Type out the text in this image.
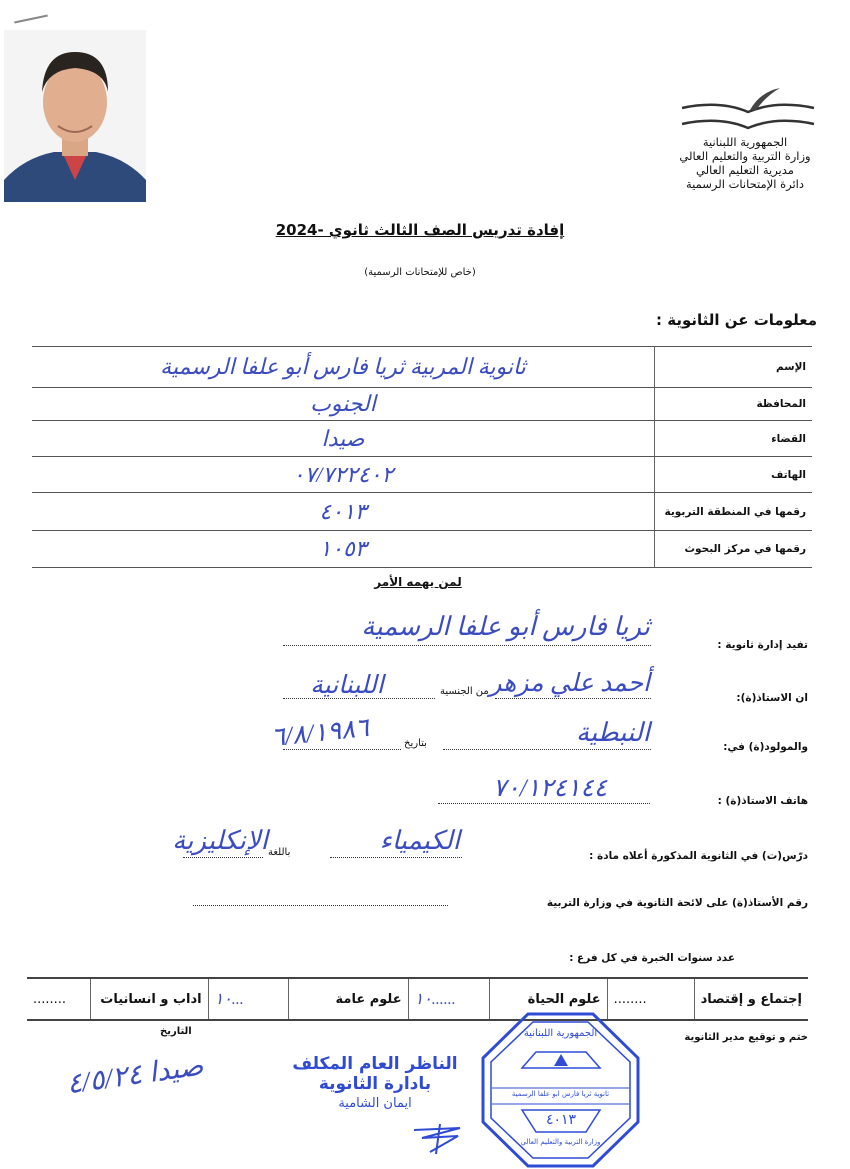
الجمهورية اللبنانية
وزارة التربية والتعليم العالي
مديرية التعليم العالي
دائرة الإمتحانات الرسمية
إفادة تدريس الصف الثالث ثانوي -2024
(خاص للإمتحانات الرسمية)
معلومات عن الثانوية :
الإسم	ثانوية المربية ثريا فارس أبو علفا الرسمية
المحافظة	الجنوب
القضاء	صيدا
الهاتف	٠٧/٧٢٢٤٠٢
رقمها في المنطقة التربوية	٤٠١٣
رقمها في مركز البحوث	١٠٥٣
لمن يهمه الأمر
تفيد إدارة ثانوية :
ثريا فارس أبو علفا الرسمية
ان الاستاذ(ة):
أحمد علي مزهر
من الجنسية
اللبنانية
والمولود(ة) في:
النبطية
بتاريخ
٦/٨/١٩٨٦
هاتف الاستاذ(ة) :
٧٠/١٢٤١٤٤
درّس(ت) في الثانوية المذكورة أعلاه مادة :
الكيمياء
باللغة
الإنكليزية
رقم الأستاذ(ة) على لائحة الثانوية في وزارة التربية
عدد سنوات الخبرة في كل فرع :
إجتماع و إقتصاد	........	علوم الحياة	......١٠	علوم عامة	...١٠	اداب و انسانيات	........
ختم و توقيع مدير الثانوية
التاريخ
صيدا ٤/٥/٢٤	الناظر العام المكلف
بادارة الثانوية
ايمان الشامية
الجمهورية اللبنانية
ثانوية ثريا فارس ابو علفا الرسمية
٤٠١٣
وزارة التربية والتعليم العالي
